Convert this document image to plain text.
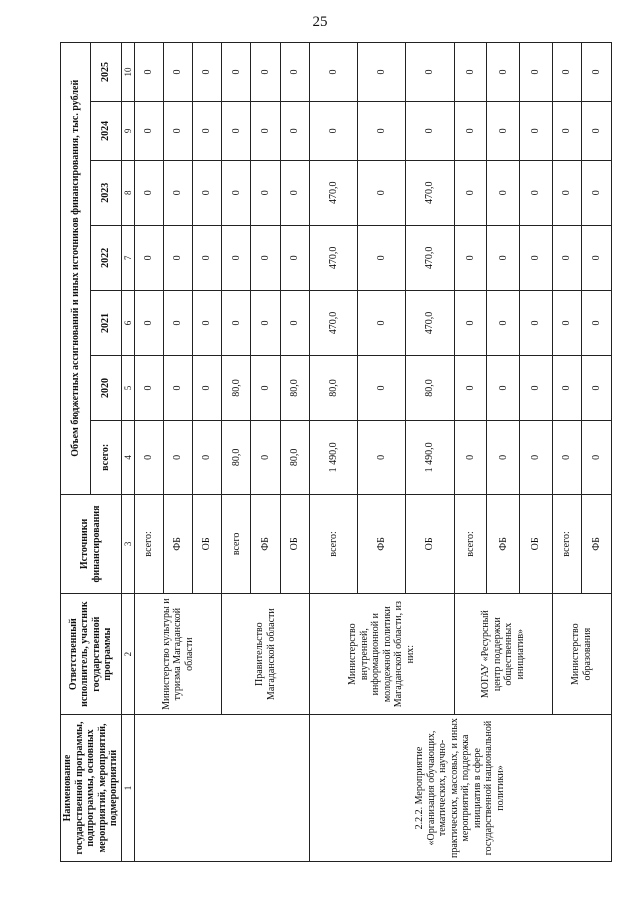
25
Наименование государственной программы, подпрограммы, основных мероприятий, мероприятий, подмероприятий	Ответственный исполнитель, участник государственной программы	Источники финансирования	Объем бюджетных ассигнований и иных источников финансирования, тыс. рублей						
			всего:	2020	2021	2022	2023	2024	2025
1	2	3	4	5	6	7	8	9	10
	Министерство культуры и туризма Магаданской области	всего:	0	0	0	0	0	0	0
		ФБ	0	0	0	0	0	0	0
		ОБ	0	0	0	0	0	0	0
	Правительство Магаданской области	всего	80,0	80,0	0	0	0	0	0
		ФБ	0	0	0	0	0	0	0
		ОБ	80,0	80,0	0	0	0	0	0
2.2.2. Мероприятие «Организация обучающих, тематических, научно-практических, массовых, и иных мероприятий, поддержка инициатив в сфере государственной национальной политики»	Министерство внутренней, информационной и молодежной политики Магаданской области, из них:	всего:	1 490,0	80,0	470,0	470,0	470,0	0	0
		ФБ	0	0	0	0	0	0	0
		ОБ	1 490,0	80,0	470,0	470,0	470,0	0	0
	МОГАУ «Ресурсный центр поддержки общественных инициатив»	всего:	0	0	0	0	0	0	0
		ФБ	0	0	0	0	0	0	0
		ОБ	0	0	0	0	0	0	0
	Министерство образования	всего:	0	0	0	0	0	0	0
		ФБ	0	0	0	0	0	0	0
